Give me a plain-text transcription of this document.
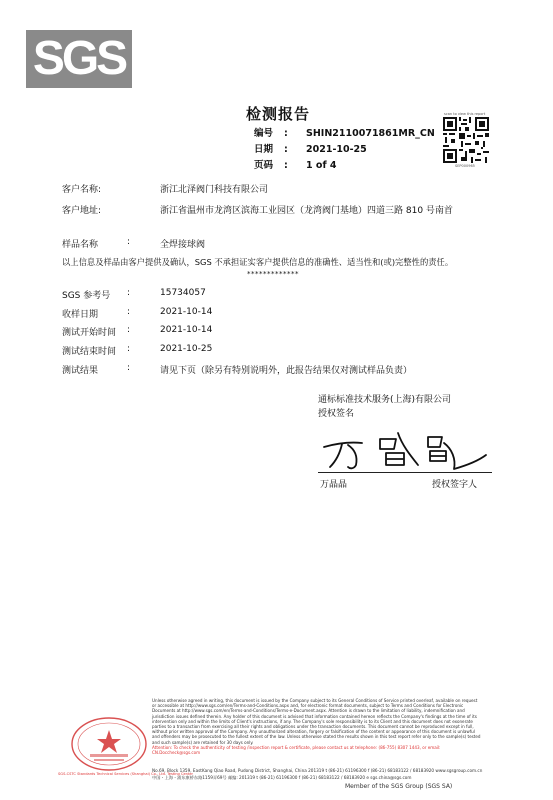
SGS
检测报告
编号 : SHIN2110071861MR_CN
日期 : 2021-10-25
页码 : 1 of 4
scan to view this report
SEP000965
客户名称:	浙江北泽阀门科技有限公司
客户地址:	浙江省温州市龙湾区滨海工业园区（龙湾阀门基地）四道三路 810 号南首
样品名称	:	全焊接球阀
以上信息及样品由客户提供及确认，SGS 不承担证实客户提供信息的准确性、适当性和(或)完整性的责任。
*************
SGS 参考号 :	15734057
收样日期	:	2021-10-14
测试开始时间 :	2021-10-14
测试结束时间 :	2021-10-25
测试结果	:	请见下页（除另有特别说明外，此报告结果仅对测试样品负责）
通标标准技术服务(上海)有限公司
授权签名
万晶晶	授权签字人
SGS-CSTC Standards Technical Services (Shanghai) Co., Ltd. Testing Center
Unless otherwise agreed in writing, this document is issued by the Company subject to its General Conditions of Service printed overleaf, available on request or accessible at http://www.sgs.com/en/Terms-and-Conditions.aspx and, for electronic format documents, subject to Terms and Conditions for Electronic Documents at http://www.sgs.com/en/Terms-and-Conditions/Terms-e-Document.aspx. Attention is drawn to the limitation of liability, indemnification and jurisdiction issues defined therein. Any holder of this document is advised that information contained hereon reflects the Company's findings at the time of its intervention only and within the limits of Client's instructions, if any. The Company's sole responsibility is to its Client and this document does not exonerate parties to a transaction from exercising all their rights and obligations under the transaction documents. This document cannot be reproduced except in full, without prior written approval of the Company. Any unauthorized alteration, forgery or falsification of the content or appearance of this document is unlawful and offenders may be prosecuted to the fullest extent of the law. Unless otherwise stated the results shown in this test report refer only to the sample(s) tested and such sample(s) are retained for 30 days only.
Attention: To check the authenticity of testing /inspection report & certificate, please contact us at telephone: (86-755) 8307 1443, or email: CN.Doccheck@sgs.com
No.69, Block 1359, EastKang Qiao Road, Pudong District, Shanghai, China 201319 t (86-21) 61196300 f (86-21) 68183122 / 68183920 www.sgsgroup.com.cn
中国・上海・浦东康桥东路1159弄69号 邮编: 201319 t (86-21) 61196300 f (86-21) 68183122 / 68183920 e sgs.china@sgs.com
Member of the SGS Group (SGS SA)
